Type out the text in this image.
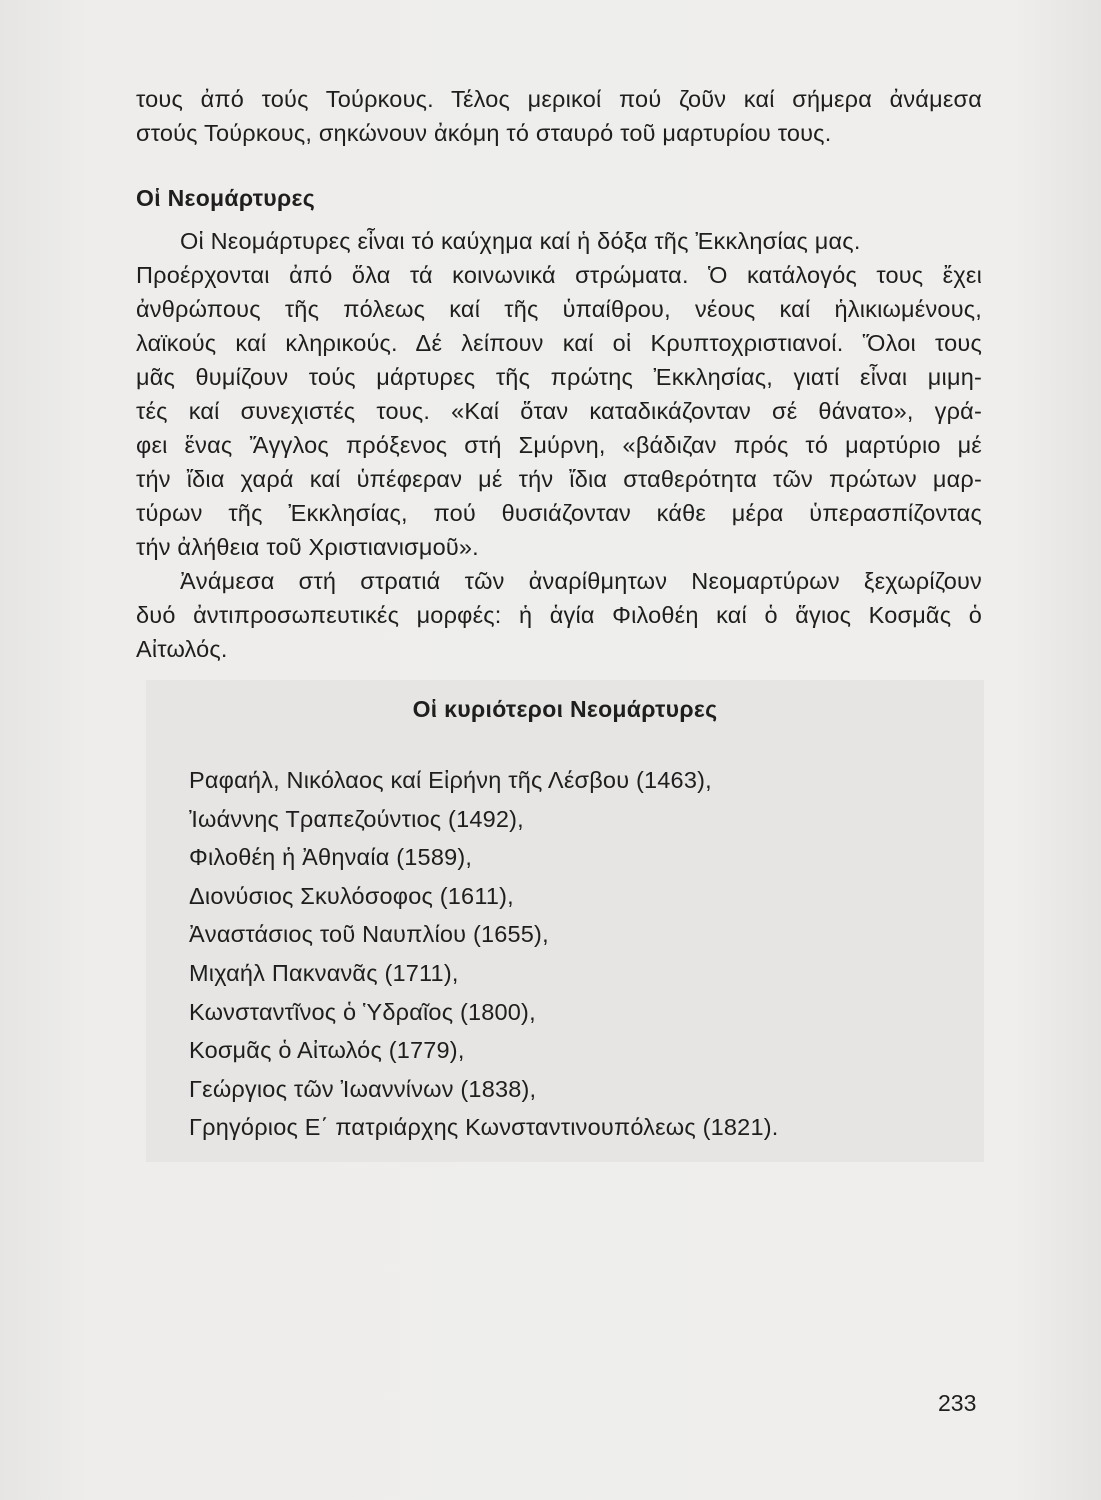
τους ἀπό τούς Τούρκους. Τέλος μερικοί πού ζοῦν καί σήμερα ἀνάμεσα
στούς Τούρκους, σηκώνουν ἀκόμη τό σταυρό τοῦ μαρτυρίου τους.
Οἱ Νεομάρτυρες
Οἱ Νεομάρτυρες εἶναι τό καύχημα καί ἡ δόξα τῆς Ἐκκλησίας μας.
Προέρχονται ἀπό ὅλα τά κοινωνικά στρώματα. Ὁ κατάλογός τους ἔχει
ἀνθρώπους τῆς πόλεως καί τῆς ὑπαίθρου, νέους καί ἡλικιωμένους,
λαϊκούς καί κληρικούς. Δέ λείπουν καί οἱ Κρυπτοχριστιανοί. Ὅλοι τους
μᾶς θυμίζουν τούς μάρτυρες τῆς πρώτης Ἐκκλησίας, γιατί εἶναι μιμη-
τές καί συνεχιστές τους. «Καί ὅταν καταδικάζονταν σέ θάνατο», γρά-
φει ἕνας Ἄγγλος πρόξενος στή Σμύρνη, «βάδιζαν πρός τό μαρτύριο μέ
τήν ἴδια χαρά καί ὑπέφεραν μέ τήν ἴδια σταθερότητα τῶν πρώτων μαρ-
τύρων τῆς Ἐκκλησίας, πού θυσιάζονταν κάθε μέρα ὑπερασπίζοντας
τήν ἀλήθεια τοῦ Χριστιανισμοῦ».
Ἀνάμεσα στή στρατιά τῶν ἀναρίθμητων Νεομαρτύρων ξεχωρίζουν
δυό ἀντιπροσωπευτικές μορφές: ἡ ἁγία Φιλοθέη καί ὁ ἅγιος Κοσμᾶς ὁ
Αἰτωλός.
Οἱ κυριότεροι Νεομάρτυρες
Ραφαήλ, Νικόλαος καί Εἰρήνη τῆς Λέσβου (1463),
Ἰωάννης Τραπεζούντιος (1492),
Φιλοθέη ἡ Ἀθηναία (1589),
Διονύσιος Σκυλόσοφος (1611),
Ἀναστάσιος τοῦ Ναυπλίου (1655),
Μιχαήλ Πακνανᾶς (1711),
Κωνσταντῖνος ὁ Ὑδραῖος (1800),
Κοσμᾶς ὁ Αἰτωλός (1779),
Γεώργιος τῶν Ἰωαννίνων (1838),
Γρηγόριος Ε΄ πατριάρχης Κωνσταντινουπόλεως (1821).
233
